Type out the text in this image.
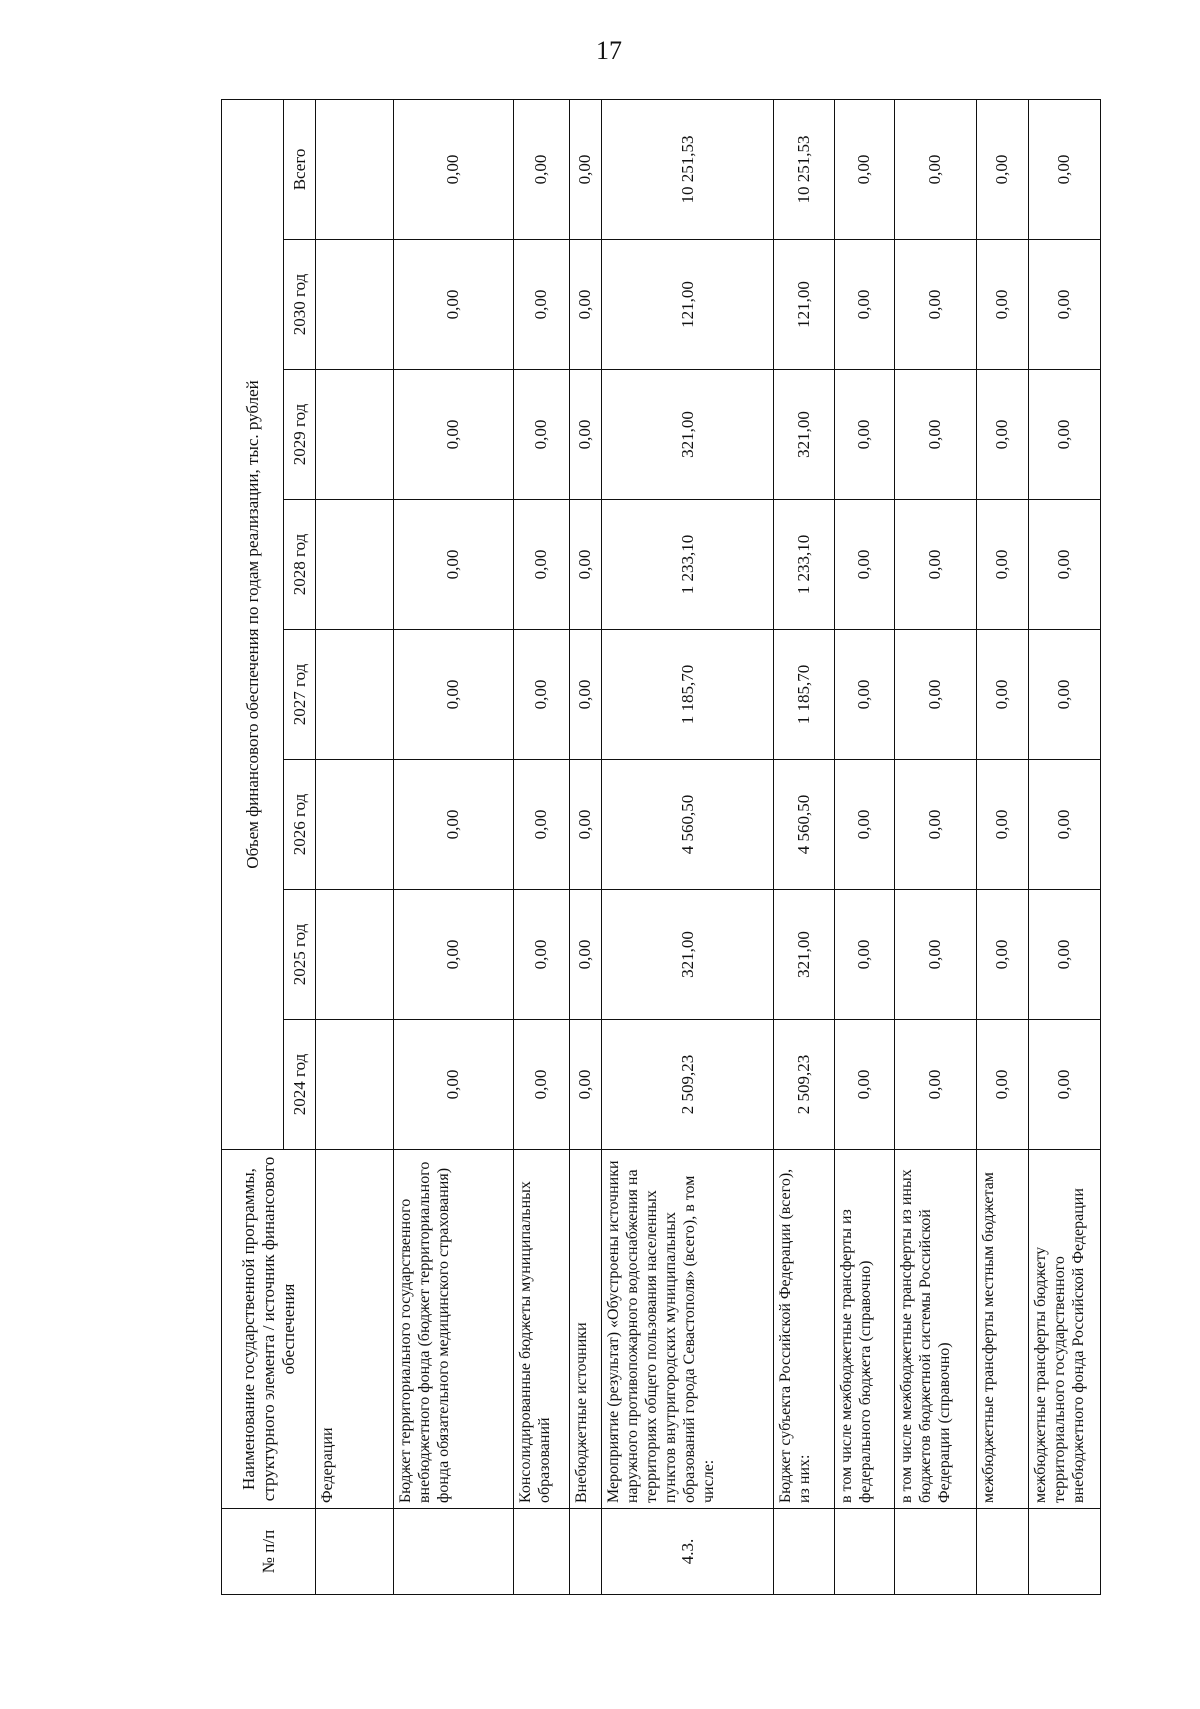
17
№ п/п	Наименование государственной программы, структурного элемента / источник финансового обеспечения	Объем финансового обеспечения по годам реализации, тыс. рублей							
		2024 год	2025 год	2026 год	2027 год	2028 год	2029 год	2030 год	Всего
	Федерации								
	Бюджет территориального государственного внебюджетного фонда (бюджет территориального фонда обязательного медицинского страхования)	0,00	0,00	0,00	0,00	0,00	0,00	0,00	0,00
	Консолидированные бюджеты муниципальных образований	0,00	0,00	0,00	0,00	0,00	0,00	0,00	0,00
	Внебюджетные источники	0,00	0,00	0,00	0,00	0,00	0,00	0,00	0,00
4.3.	Мероприятие (результат) «Обустроены источники наружного противопожарного водоснабжения на территориях общего пользования населенных пунктов внутригородских муниципальных образований города Севастополя» (всего), в том числе:	2 509,23	321,00	4 560,50	1 185,70	1 233,10	321,00	121,00	10 251,53
	Бюджет субъекта Российской Федерации (всего), из них:	2 509,23	321,00	4 560,50	1 185,70	1 233,10	321,00	121,00	10 251,53
	в том числе межбюджетные трансферты из федерального бюджета (справочно)	0,00	0,00	0,00	0,00	0,00	0,00	0,00	0,00
	в том числе межбюджетные трансферты из иных бюджетов бюджетной системы Российской Федерации (справочно)	0,00	0,00	0,00	0,00	0,00	0,00	0,00	0,00
	межбюджетные трансферты местным бюджетам	0,00	0,00	0,00	0,00	0,00	0,00	0,00	0,00
	межбюджетные трансферты бюджету территориального государственного внебюджетного фонда Российской Федерации	0,00	0,00	0,00	0,00	0,00	0,00	0,00	0,00
